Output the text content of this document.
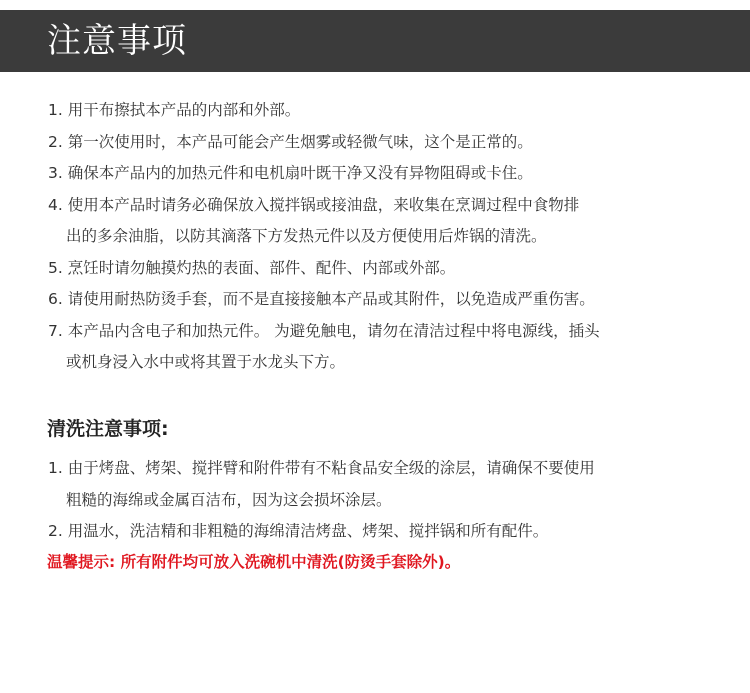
注意事项
1. 用干布擦拭本产品的内部和外部。
2. 第一次使用时，本产品可能会产生烟雾或轻微气味，这个是正常的。
3. 确保本产品内的加热元件和电机扇叶既干净又没有异物阻碍或卡住。
4. 使用本产品时请务必确保放入搅拌锅或接油盘，来收集在烹调过程中食物排
出的多余油脂，以防其滴落下方发热元件以及方便使用后炸锅的清洗。
5. 烹饪时请勿触摸灼热的表面、部件、配件、内部或外部。
6. 请使用耐热防烫手套，而不是直接接触本产品或其附件，以免造成严重伤害。
7. 本产品内含电子和加热元件。 为避免触电，请勿在清洁过程中将电源线，插头
或机身浸入水中或将其置于水龙头下方。
清洗注意事项:
1. 由于烤盘、烤架、搅拌臂和附件带有不粘食品安全级的涂层，请确保不要使用
粗糙的海绵或金属百洁布，因为这会损坏涂层。
2. 用温水，洗洁精和非粗糙的海绵清洁烤盘、烤架、搅拌锅和所有配件。
温馨提示: 所有附件均可放入洗碗机中清洗(防烫手套除外)。
